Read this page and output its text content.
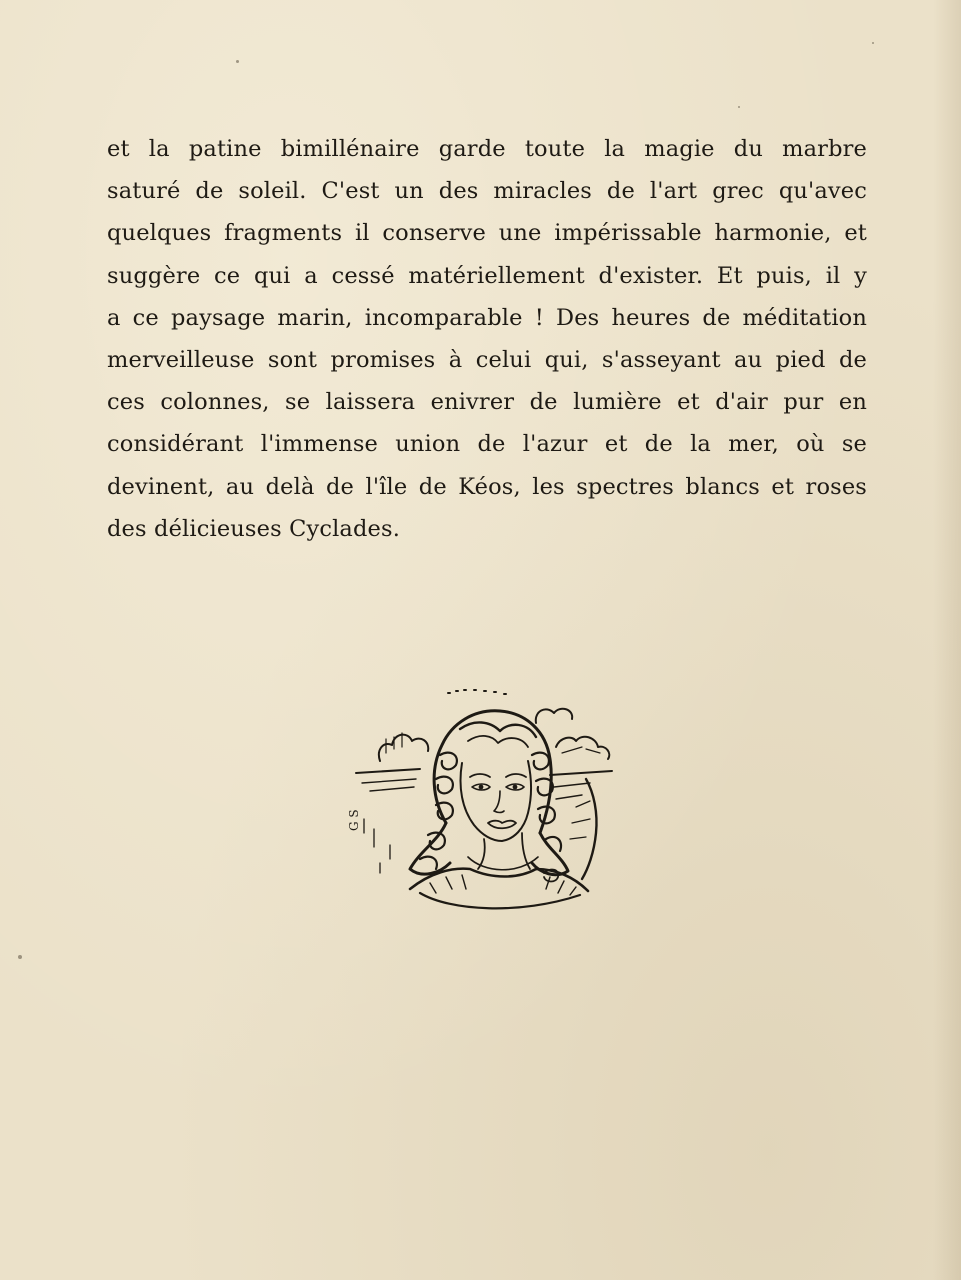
et la patine bimillénaire garde toute la magie du marbre
saturé de soleil. C'est un des miracles de l'art grec qu'avec
quelques fragments il conserve une impérissable harmonie, et
suggère ce qui a cessé matériellement d'exister. Et puis, il y
a ce paysage marin, incomparable ! Des heures de méditation
merveilleuse sont promises à celui qui, s'asseyant au pied de
ces colonnes, se laissera enivrer de lumière et d'air pur en
considérant l'immense union de l'azur et de la mer, où se
devinent, au delà de l'île de Kéos, les spectres blancs et roses
des délicieuses Cyclades.
G S
